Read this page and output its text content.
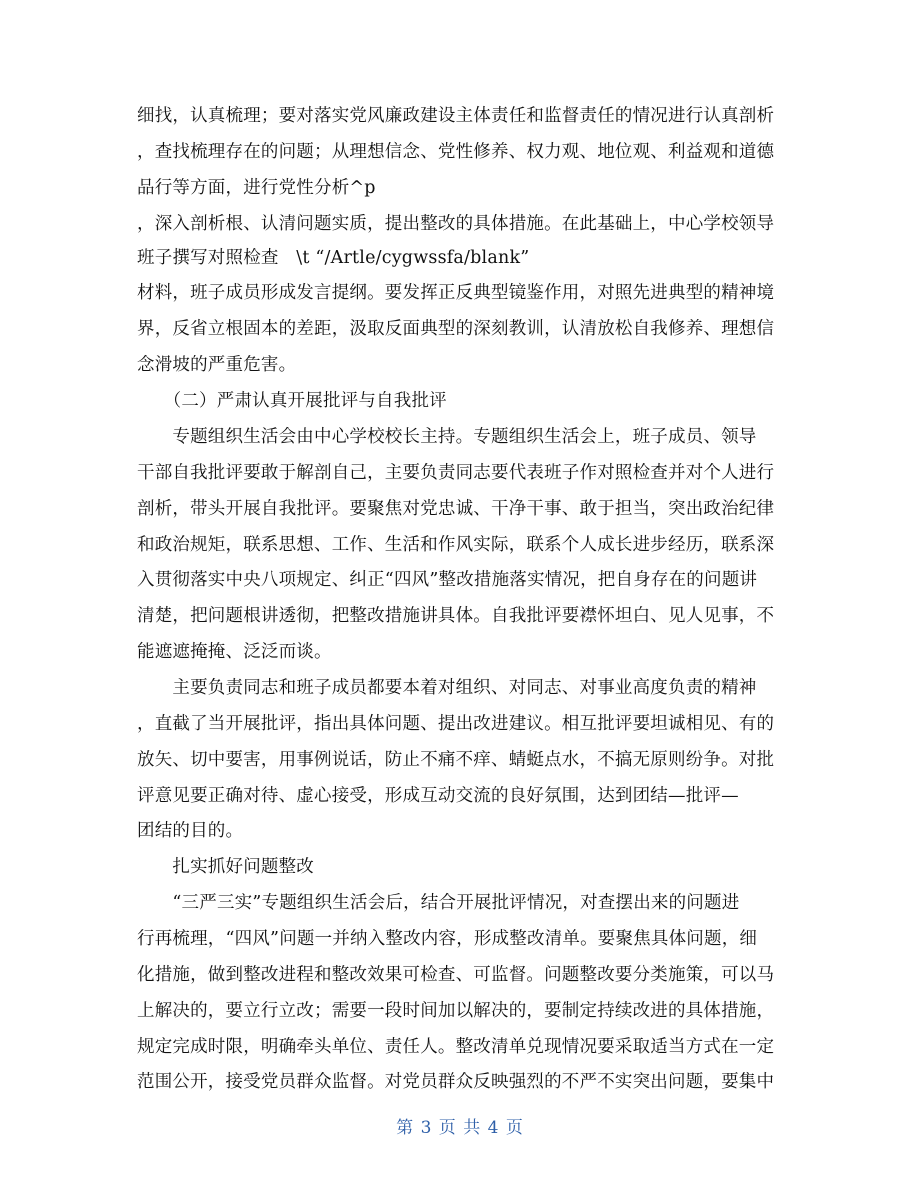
细找，认真梳理；要对落实党风廉政建设主体责任和监督责任的情况进行认真剖析
，查找梳理存在的问题；从理想信念、党性修养、权力观、地位观、利益观和道德
品行等方面，进行党性分析^p
，深入剖析根、认清问题实质，提出整改的具体措施。在此基础上，中心学校领导
班子撰写对照检查　\t “/Artle/cygwssfa/blank”
材料，班子成员形成发言提纲。要发挥正反典型镜鉴作用，对照先进典型的精神境
界，反省立根固本的差距，汲取反面典型的深刻教训，认清放松自我修养、理想信
念滑坡的严重危害。
　　（二）严肃认真开展批评与自我批评
　　专题组织生活会由中心学校校长主持。专题组织生活会上，班子成员、领导
干部自我批评要敢于解剖自己，主要负责同志要代表班子作对照检查并对个人进行
剖析，带头开展自我批评。要聚焦对党忠诚、干净干事、敢于担当，突出政治纪律
和政治规矩，联系思想、工作、生活和作风实际，联系个人成长进步经历，联系深
入贯彻落实中央八项规定、纠正“四风”整改措施落实情况，把自身存在的问题讲
清楚，把问题根讲透彻，把整改措施讲具体。自我批评要襟怀坦白、见人见事，不
能遮遮掩掩、泛泛而谈。
　　主要负责同志和班子成员都要本着对组织、对同志、对事业高度负责的精神
，直截了当开展批评，指出具体问题、提出改进建议。相互批评要坦诚相见、有的
放矢、切中要害，用事例说话，防止不痛不痒、蜻蜓点水，不搞无原则纷争。对批
评意见要正确对待、虚心接受，形成互动交流的良好氛围，达到团结—批评—
团结的目的。
　　扎实抓好问题整改
　　“三严三实”专题组织生活会后，结合开展批评情况，对查摆出来的问题进
行再梳理，“四风”问题一并纳入整改内容，形成整改清单。要聚焦具体问题，细
化措施，做到整改进程和整改效果可检查、可监督。问题整改要分类施策，可以马
上解决的，要立行立改；需要一段时间加以解决的，要制定持续改进的具体措施，
规定完成时限，明确牵头单位、责任人。整改清单兑现情况要采取适当方式在一定
范围公开，接受党员群众监督。对党员群众反映强烈的不严不实突出问题，要集中
第 3 页 共 4 页
